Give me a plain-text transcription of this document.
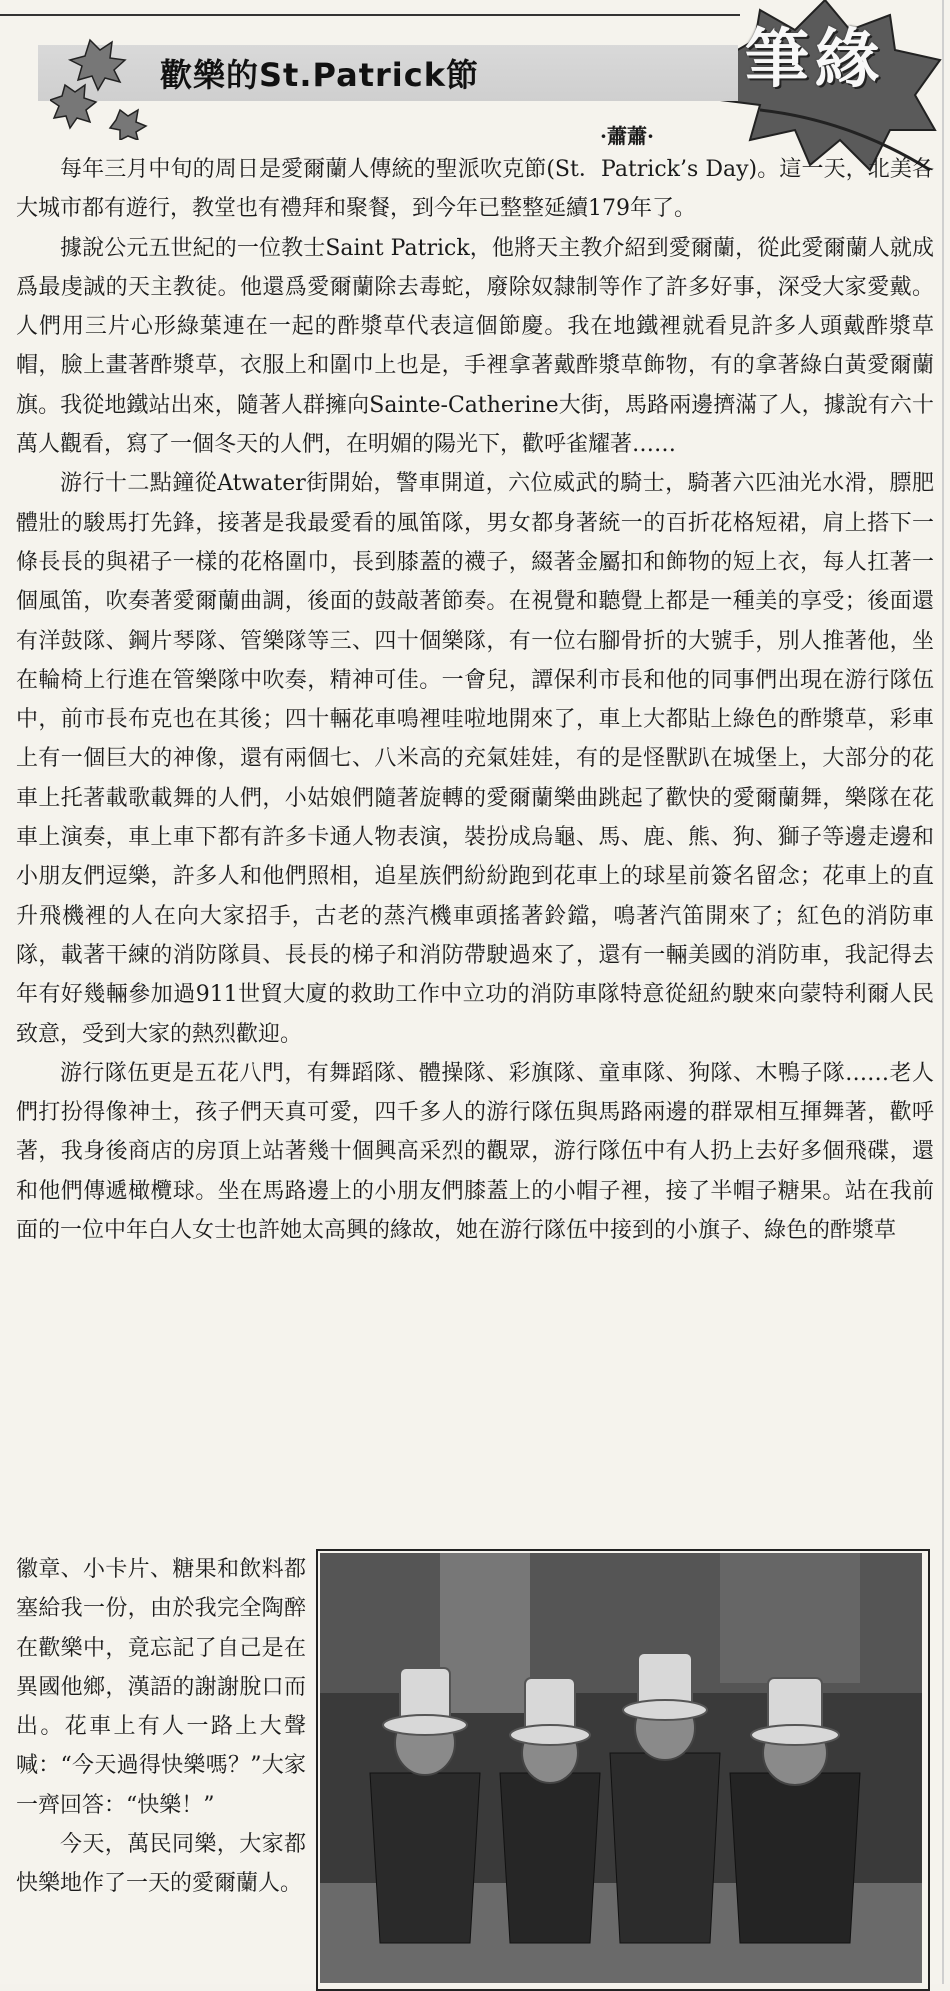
筆緣
歡樂的St.Patrick節
·蕭蕭·

每年三月中旬的周日是愛爾蘭人傳統的聖派吹克節(St．Patrick’s Day)。這一天，北美各大城市都有遊行，教堂也有禮拜和聚餐，到今年已整整延續179年了。

據說公元五世紀的一位教士Saint Patrick，他將天主教介紹到愛爾蘭，從此愛爾蘭人就成爲最虔誠的天主教徒。他還爲愛爾蘭除去毒蛇，廢除奴隸制等作了許多好事，深受大家愛戴。人們用三片心形綠葉連在一起的酢漿草代表這個節慶。我在地鐵裡就看見許多人頭戴酢漿草帽，臉上畫著酢漿草，衣服上和圍巾上也是，手裡拿著戴酢漿草飾物，有的拿著綠白黃愛爾蘭旗。我從地鐵站出來，隨著人群擁向Sainte-Catherine大街，馬路兩邊擠滿了人，據說有六十萬人觀看，寫了一個冬天的人們，在明媚的陽光下，歡呼雀耀著……

游行十二點鐘從Atwater街開始，警車開道，六位威武的騎士，騎著六匹油光水滑，膘肥體壯的駿馬打先鋒，接著是我最愛看的風笛隊，男女都身著統一的百折花格短裙，肩上搭下一條長長的與裙子一樣的花格圍巾，長到膝蓋的襪子，綴著金屬扣和飾物的短上衣，每人扛著一個風笛，吹奏著愛爾蘭曲調，後面的鼓敲著節奏。在視覺和聽覺上都是一種美的享受；後面還有洋鼓隊、鋼片琴隊、管樂隊等三、四十個樂隊，有一位右腳骨折的大號手，別人推著他，坐在輪椅上行進在管樂隊中吹奏，精神可佳。一會兒，譚保利市長和他的同事們出現在游行隊伍中，前市長布克也在其後；四十輛花車鳴裡哇啦地開來了，車上大都貼上綠色的酢漿草，彩車上有一個巨大的神像，還有兩個七、八米高的充氣娃娃，有的是怪獸趴在城堡上，大部分的花車上托著載歌載舞的人們，小姑娘們隨著旋轉的愛爾蘭樂曲跳起了歡快的愛爾蘭舞，樂隊在花車上演奏，車上車下都有許多卡通人物表演，裝扮成烏龜、馬、鹿、熊、狗、獅子等邊走邊和小朋友們逗樂，許多人和他們照相，追星族們紛紛跑到花車上的球星前簽名留念；花車上的直升飛機裡的人在向大家招手，古老的蒸汽機車頭搖著鈴鐺，鳴著汽笛開來了；紅色的消防車隊，載著干練的消防隊員、長長的梯子和消防帶駛過來了，還有一輛美國的消防車，我記得去年有好幾輛參加過911世貿大廈的救助工作中立功的消防車隊特意從紐約駛來向蒙特利爾人民致意，受到大家的熱烈歡迎。

游行隊伍更是五花八門，有舞蹈隊、體操隊、彩旗隊、童車隊、狗隊、木鴨子隊……老人們打扮得像神士，孩子們天真可愛，四千多人的游行隊伍與馬路兩邊的群眾相互揮舞著，歡呼著，我身後商店的房頂上站著幾十個興高采烈的觀眾，游行隊伍中有人扔上去好多個飛碟，還和他們傳遞橄欖球。坐在馬路邊上的小朋友們膝蓋上的小帽子裡，接了半帽子糖果。站在我前面的一位中年白人女士也許她太高興的緣故，她在游行隊伍中接到的小旗子、綠色的酢漿草

徽章、小卡片、糖果和飲料都塞給我一份，由於我完全陶醉在歡樂中，竟忘記了自己是在異國他鄉，漢語的謝謝脫口而出。花車上有人一路上大聲喊：“今天過得快樂嗎？”大家一齊回答：“快樂！”

今天，萬民同樂，大家都快樂地作了一天的愛爾蘭人。
